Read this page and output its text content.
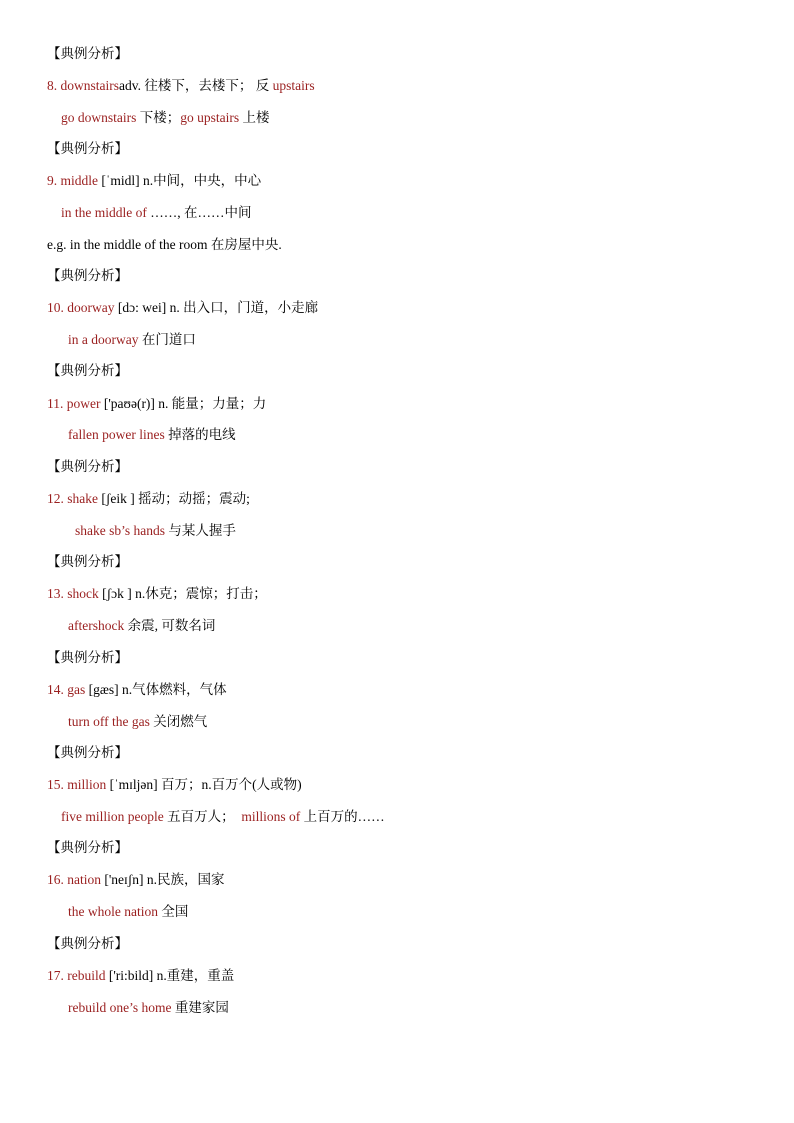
【典例分析】
8. downstairsadv. 往楼下，去楼下； 反 upstairs
go downstairs 下楼；go upstairs 上楼
【典例分析】
9. middle [ˈmidl] n.中间，中央，中心
in the middle of ……, 在……中间
e.g. in the middle of the room 在房屋中央.
【典例分析】
10. doorway [dɔ: wei] n. 出入口，门道，小走廊
in a doorway 在门道口
【典例分析】
11. power ['paʊə(r)] n. 能量；力量；力
fallen power lines 掉落的电线
【典例分析】
12. shake [ʃeik ] 摇动；动摇；震动;
shake sb’s hands 与某人握手
【典例分析】
13. shock [ʃɔk ] n.休克；震惊；打击；
aftershock 余震, 可数名词
【典例分析】
14. gas [gæs] n.气体燃料，气体
turn off the gas 关闭燃气
【典例分析】
15. million [ˈmɪljən] 百万；n.百万个(人或物)
five million people 五百万人； millions of 上百万的……
【典例分析】
16. nation ['neɪʃn] n.民族，国家
the whole nation 全国
【典例分析】
17. rebuild ['ri:bild] n.重建，重盖
rebuild one’s home 重建家园
